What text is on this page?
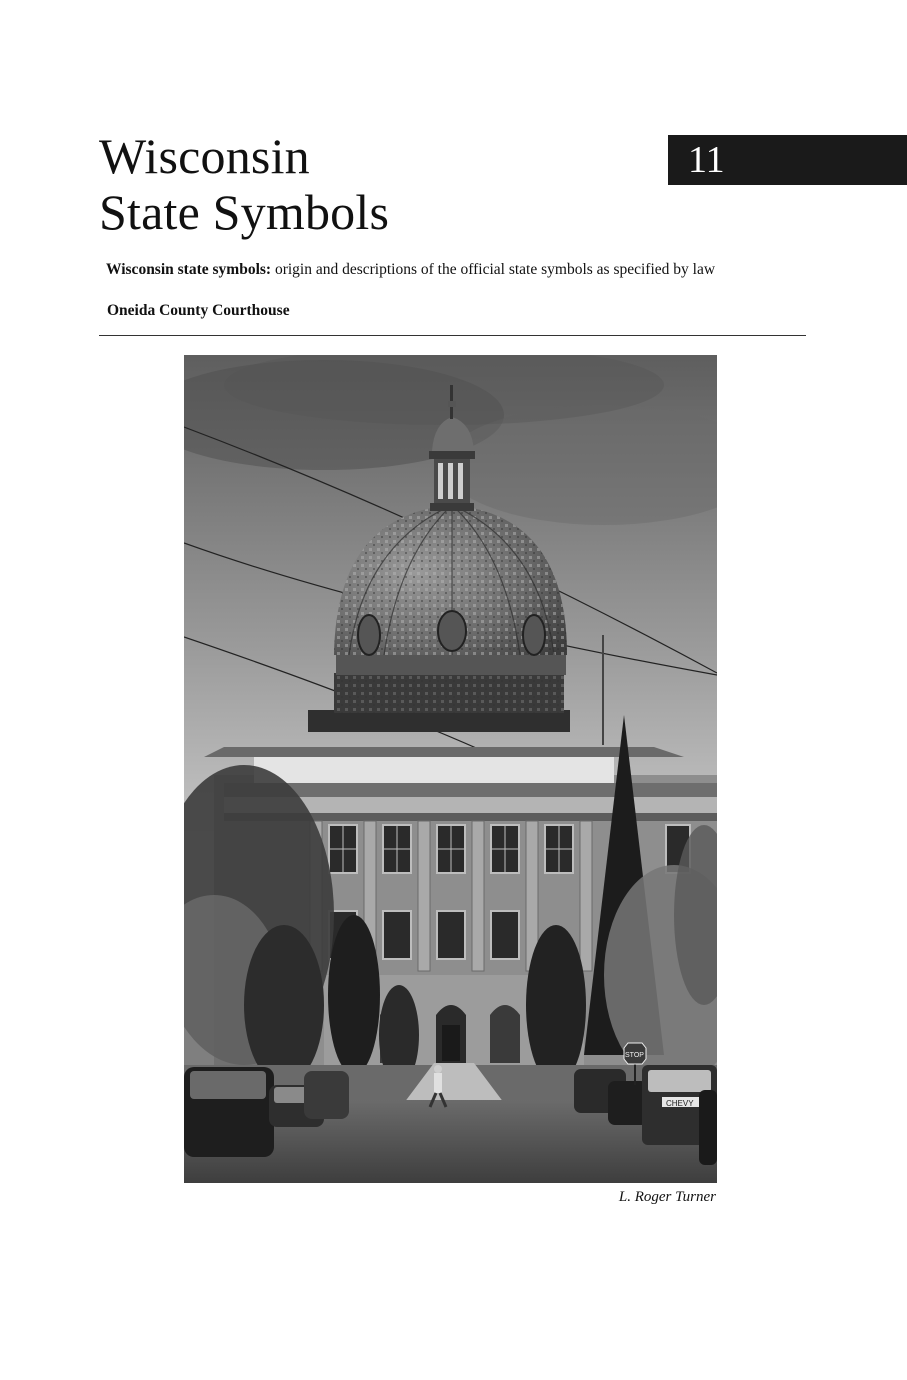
Wisconsin
State Symbols
11

Wisconsin state symbols: origin and descriptions of the official state symbols as specified by law

Oneida County Courthouse

CHEVY
STOP
L. Roger Turner
